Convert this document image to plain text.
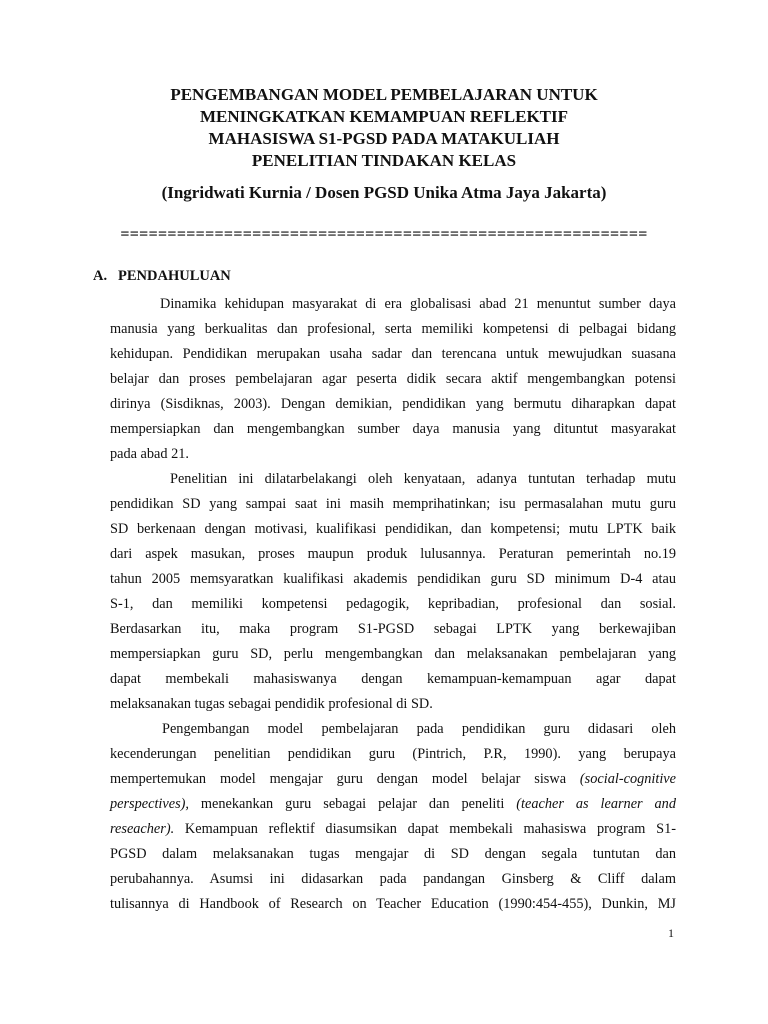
PENGEMBANGAN MODEL PEMBELAJARAN UNTUK
MENINGKATKAN KEMAMPUAN REFLEKTIF
MAHASISWA S1-PGSD PADA MATAKULIAH
PENELITIAN TINDAKAN KELAS
(Ingridwati Kurnia / Dosen PGSD Unika Atma Jaya Jakarta)
========================================================
A. PENDAHULUAN
Dinamika kehidupan masyarakat di era globalisasi abad 21 menuntut sumber daya
manusia yang berkualitas dan profesional, serta memiliki kompetensi di pelbagai bidang
kehidupan. Pendidikan merupakan usaha sadar dan terencana untuk mewujudkan suasana
belajar dan proses pembelajaran agar peserta didik secara aktif mengembangkan potensi
dirinya (Sisdiknas, 2003). Dengan demikian, pendidikan yang bermutu diharapkan dapat
mempersiapkan dan mengembangkan sumber daya manusia yang dituntut masyarakat
pada abad 21.
Penelitian ini dilatarbelakangi oleh kenyataan, adanya tuntutan terhadap mutu
pendidikan SD yang sampai saat ini masih memprihatinkan; isu permasalahan mutu guru
SD berkenaan dengan motivasi, kualifikasi pendidikan, dan kompetensi; mutu LPTK baik
dari aspek masukan, proses maupun produk lulusannya. Peraturan pemerintah no.19
tahun 2005 memsyaratkan kualifikasi akademis pendidikan guru SD minimum D-4 atau
S-1, dan memiliki kompetensi pedagogik, kepribadian, profesional dan sosial.
Berdasarkan itu, maka program S1-PGSD sebagai LPTK yang berkewajiban
mempersiapkan guru SD, perlu mengembangkan dan melaksanakan pembelajaran yang
dapat membekali mahasiswanya dengan kemampuan-kemampuan agar dapat
melaksanakan tugas sebagai pendidik profesional di SD.
Pengembangan model pembelajaran pada pendidikan guru didasari oleh
kecenderungan penelitian pendidikan guru (Pintrich, P.R, 1990). yang berupaya
mempertemukan model mengajar guru dengan model belajar siswa (social-cognitive
perspectives), menekankan guru sebagai pelajar dan peneliti (teacher as learner and
reseacher). Kemampuan reflektif diasumsikan dapat membekali mahasiswa program S1-
PGSD dalam melaksanakan tugas mengajar di SD dengan segala tuntutan dan
perubahannya. Asumsi ini didasarkan pada pandangan Ginsberg & Cliff dalam
tulisannya di Handbook of Research on Teacher Education (1990:454-455), Dunkin, MJ
1
